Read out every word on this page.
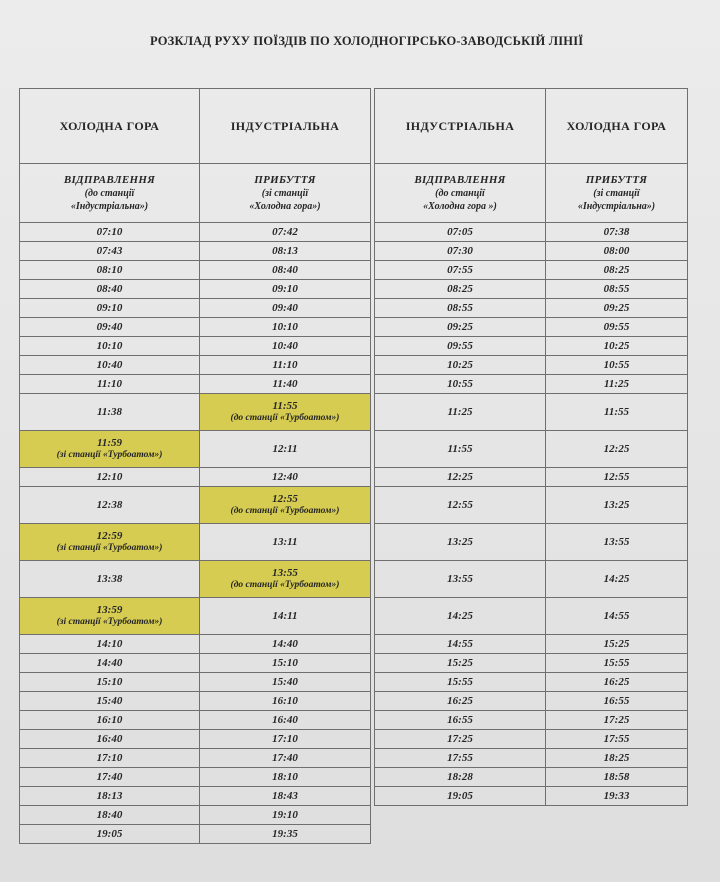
РОЗКЛАД РУХУ ПОЇЗДІВ ПО ХОЛОДНОГІРСЬКО-ЗАВОДСЬКІЙ ЛІНІЇ
ХОЛОДНА ГОРА	ІНДУСТРІАЛЬНА

ВІДПРАВЛЕННЯ
(до станції
«Індустріальна»)	ПРИБУТТЯ
(зі станції
«Холодна гора»)

07:10	07:42
07:43	08:13
08:10	08:40
08:40	09:10
09:10	09:40
09:40	10:10
10:10	10:40
10:40	11:10
11:10	11:40
11:38	11:55
(до станції «Турбоатом»)

11:59
(зі станції «Турбоатом»)	12:11
12:10	12:40
12:38	12:55
(до станції «Турбоатом»)

12:59
(зі станції «Турбоатом»)	13:11
13:38	13:55
(до станції «Турбоатом»)

13:59
(зі станції «Турбоатом»)	14:11
14:10	14:40
14:40	15:10
15:10	15:40
15:40	16:10
16:10	16:40
16:40	17:10
17:10	17:40
17:40	18:10
18:13	18:43
18:40	19:10
19:05	19:35
ІНДУСТРІАЛЬНА	ХОЛОДНА ГОРА

ВІДПРАВЛЕННЯ
(до станції
«Холодна гора »)	ПРИБУТТЯ
(зі станції
«Індустріальна»)

07:05	07:38
07:30	08:00
07:55	08:25
08:25	08:55
08:55	09:25
09:25	09:55
09:55	10:25
10:25	10:55
10:55	11:25
11:25	11:55
11:55	12:25
12:25	12:55
12:55	13:25
13:25	13:55
13:55	14:25
14:25	14:55
14:55	15:25
15:25	15:55
15:55	16:25
16:25	16:55
16:55	17:25
17:25	17:55
17:55	18:25
18:28	18:58
19:05	19:33
